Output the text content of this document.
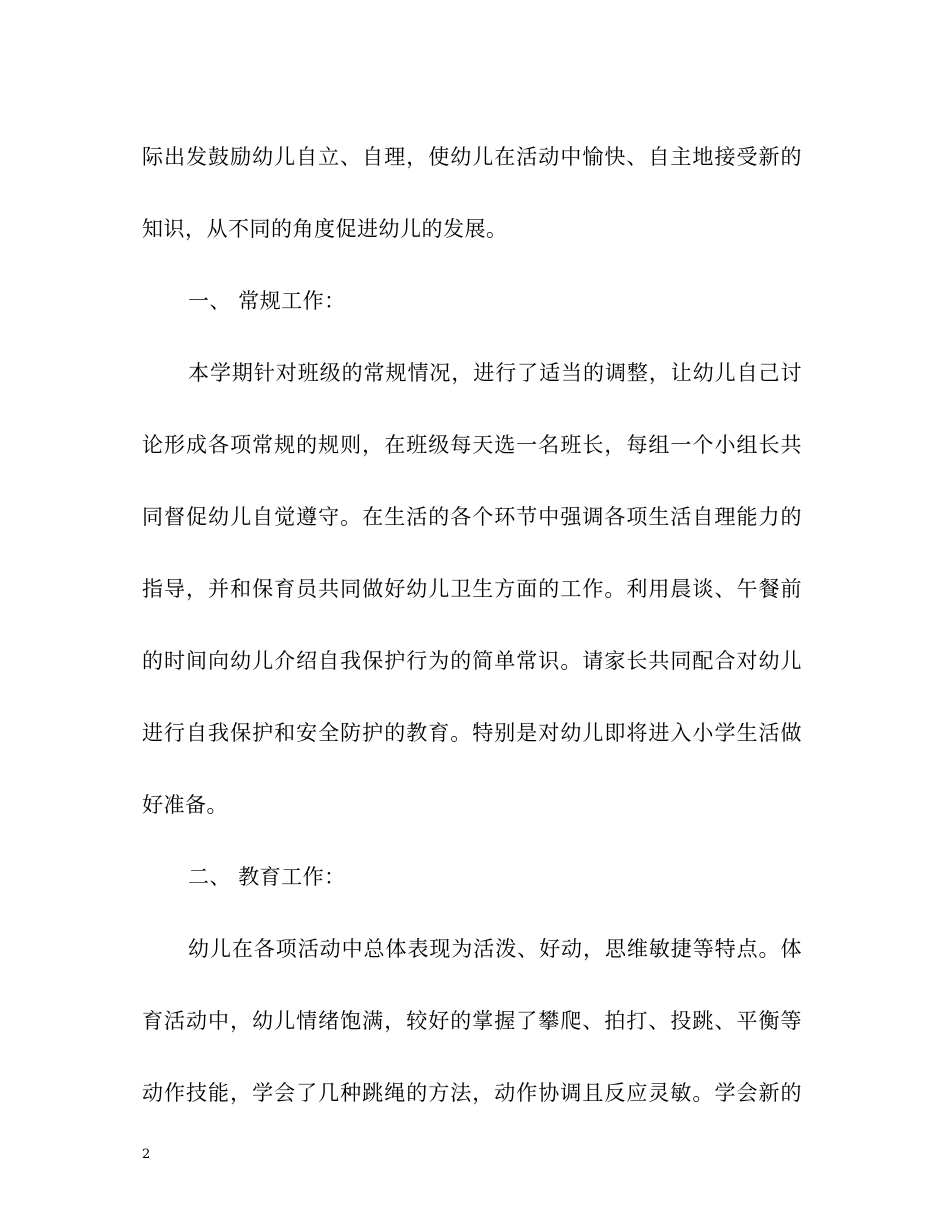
际出发鼓励幼儿自立、自理，使幼儿在活动中愉快、自主地接受新的
知识，从不同的角度促进幼儿的发展。
一、 常规工作：
本学期针对班级的常规情况，进行了适当的调整，让幼儿自己讨
论形成各项常规的规则，在班级每天选一名班长，每组一个小组长共
同督促幼儿自觉遵守。在生活的各个环节中强调各项生活自理能力的
指导，并和保育员共同做好幼儿卫生方面的工作。利用晨谈、午餐前
的时间向幼儿介绍自我保护行为的简单常识。请家长共同配合对幼儿
进行自我保护和安全防护的教育。特别是对幼儿即将进入小学生活做
好准备。
二、 教育工作：
幼儿在各项活动中总体表现为活泼、好动，思维敏捷等特点。体
育活动中，幼儿情绪饱满，较好的掌握了攀爬、拍打、投跳、平衡等
动作技能，学会了几种跳绳的方法，动作协调且反应灵敏。学会新的
2
